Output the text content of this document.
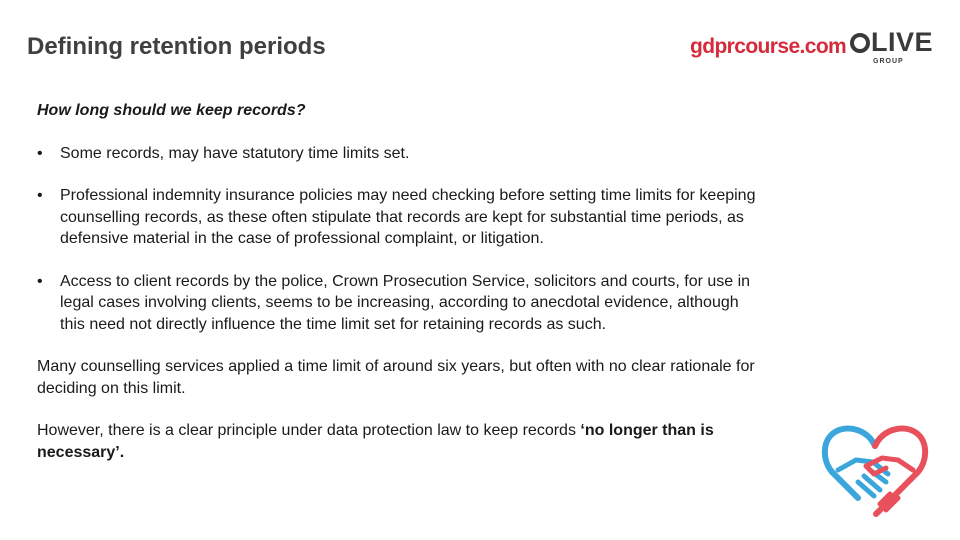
Defining retention periods	gdprcourse.com LIVE
GROUP

How long should we keep records?

• Some records, may have statutory time limits set.
• Professional indemnity insurance policies may need checking before setting time limits for keeping counselling records, as these often stipulate that records are kept for substantial time periods, as defensive material in the case of professional complaint, or litigation.
• Access to client records by the police, Crown Prosecution Service, solicitors and courts, for use in legal cases involving clients, seems to be increasing, according to anecdotal evidence, although this need not directly influence the time limit set for retaining records as such.

Many counselling services applied a time limit of around six years, but often with no clear rationale for deciding on this limit.

However, there is a clear principle under data protection law to keep records ‘no longer than is necessary’.
